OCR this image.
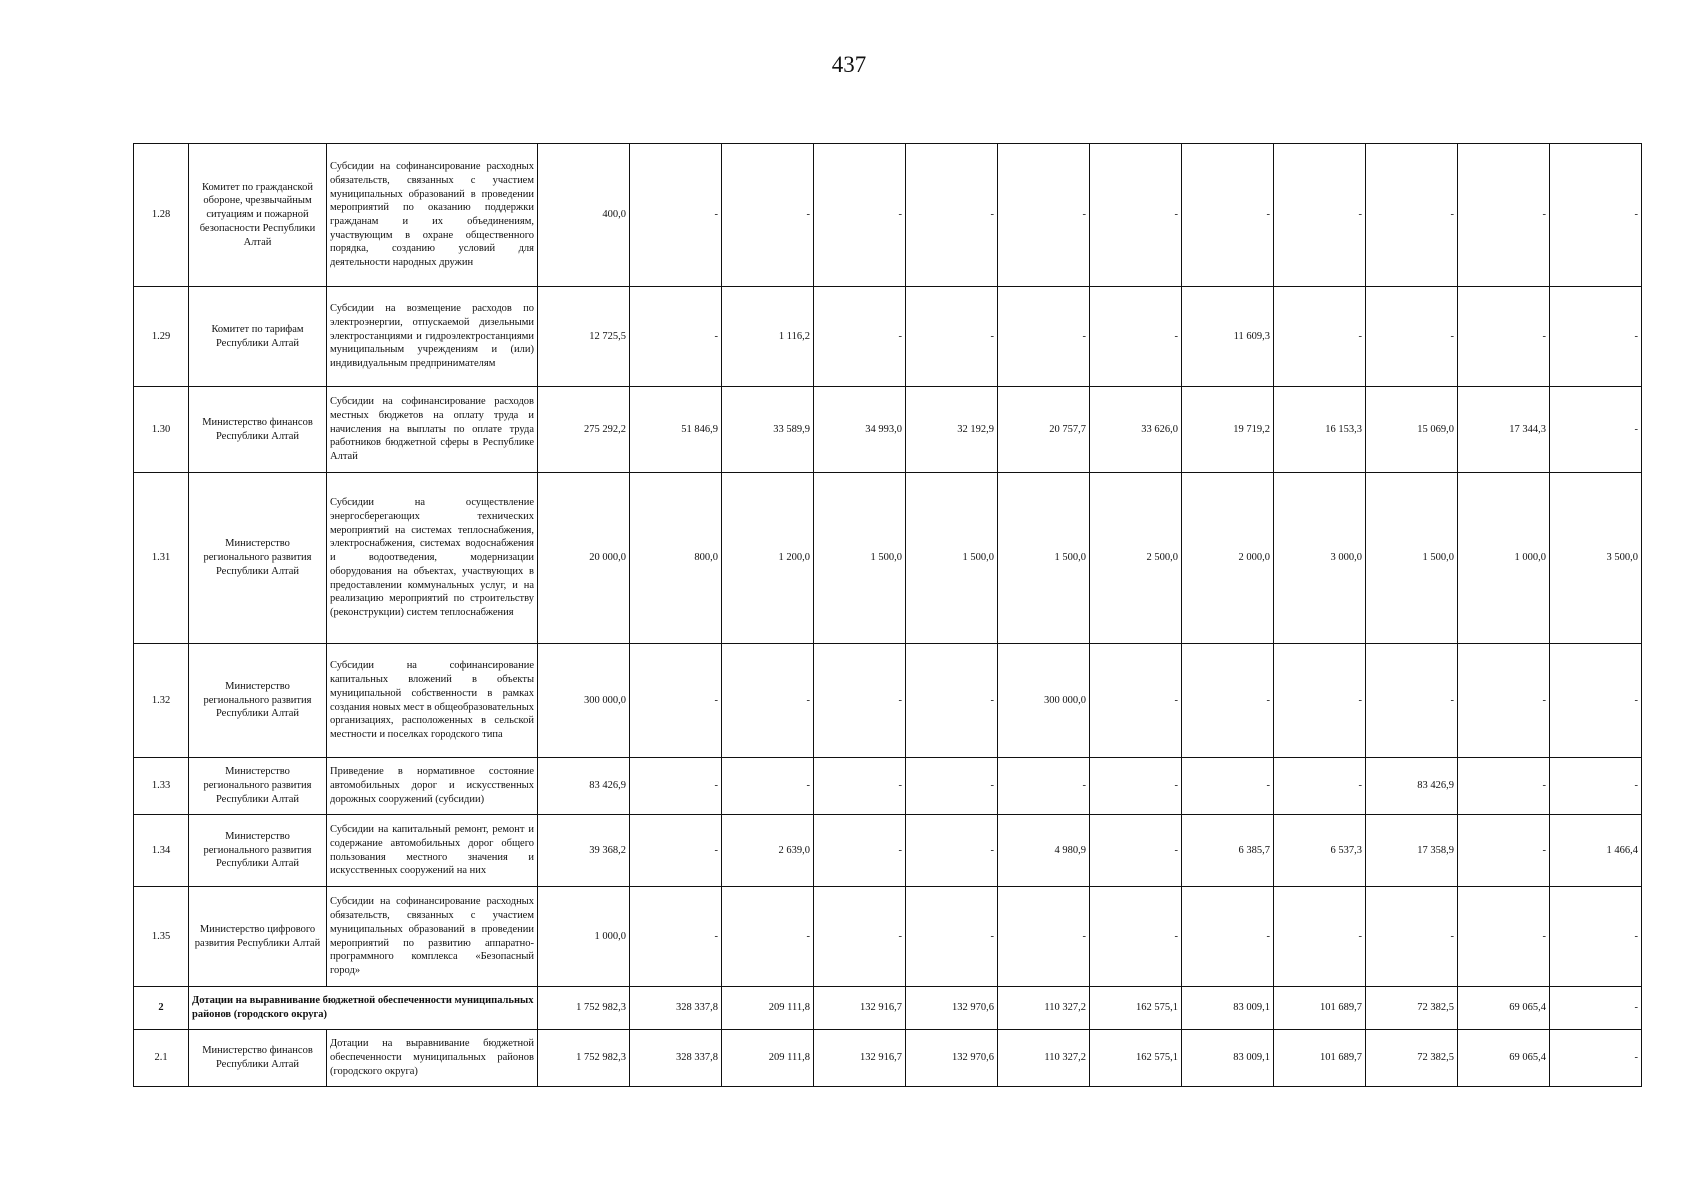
437
1.28	Комитет по гражданской обороне, чрезвычайным ситуациям и пожарной безопасности Республики Алтай	Субсидии на софинансирование расходных обязательств, связанных с участием муниципальных образований в проведении мероприятий по оказанию поддержки гражданам и их объединениям, участвующим в охране общественного порядка, созданию условий для деятельности народных дружин	400,0	-	-	-	-	-	-	-	-	-	-	-
1.29	Комитет по тарифам Республики Алтай	Субсидии на возмещение расходов по электроэнергии, отпускаемой дизельными электростанциями и гидроэлектростанциями муниципальным учреждениям и (или) индивидуальным предпринимателям	12 725,5	-	1 116,2	-	-	-	-	11 609,3	-	-	-	-
1.30	Министерство финансов Республики Алтай	Субсидии на софинансирование расходов местных бюджетов на оплату труда и начисления на выплаты по оплате труда работников бюджетной сферы в Республике Алтай	275 292,2	51 846,9	33 589,9	34 993,0	32 192,9	20 757,7	33 626,0	19 719,2	16 153,3	15 069,0	17 344,3	-
1.31	Министерство регионального развития Республики Алтай	Субсидии на осуществление энергосберегающих технических мероприятий на системах теплоснабжения, электроснабжения, системах водоснабжения и водоотведения, модернизации оборудования на объектах, участвующих в предоставлении коммунальных услуг, и на реализацию мероприятий по строительству (реконструкции) систем теплоснабжения	20 000,0	800,0	1 200,0	1 500,0	1 500,0	1 500,0	2 500,0	2 000,0	3 000,0	1 500,0	1 000,0	3 500,0
1.32	Министерство регионального развития Республики Алтай	Субсидии на софинансирование капитальных вложений в объекты муниципальной собственности в рамках создания новых мест в общеобразовательных организациях, расположенных в сельской местности и поселках городского типа	300 000,0	-	-	-	-	300 000,0	-	-	-	-	-	-
1.33	Министерство регионального развития Республики Алтай	Приведение в нормативное состояние автомобильных дорог и искусственных дорожных сооружений (субсидии)	83 426,9	-	-	-	-	-	-	-	-	83 426,9	-	-
1.34	Министерство регионального развития Республики Алтай	Субсидии на капитальный ремонт, ремонт и содержание автомобильных дорог общего пользования местного значения и искусственных сооружений на них	39 368,2	-	2 639,0	-	-	4 980,9	-	6 385,7	6 537,3	17 358,9	-	1 466,4
1.35	Министерство цифрового развития Республики Алтай	Субсидии на софинансирование расходных обязательств, связанных с участием муниципальных образований в проведении мероприятий по развитию аппаратно-программного комплекса «Безопасный город»	1 000,0	-	-	-	-	-	-	-	-	-	-	-
2	Дотации на выравнивание бюджетной обеспеченности муниципальных районов (городского округа)		1 752 982,3	328 337,8	209 111,8	132 916,7	132 970,6	110 327,2	162 575,1	83 009,1	101 689,7	72 382,5	69 065,4	-
2.1	Министерство финансов Республики Алтай	Дотации на выравнивание бюджетной обеспеченности муниципальных районов (городского округа)	1 752 982,3	328 337,8	209 111,8	132 916,7	132 970,6	110 327,2	162 575,1	83 009,1	101 689,7	72 382,5	69 065,4	-
